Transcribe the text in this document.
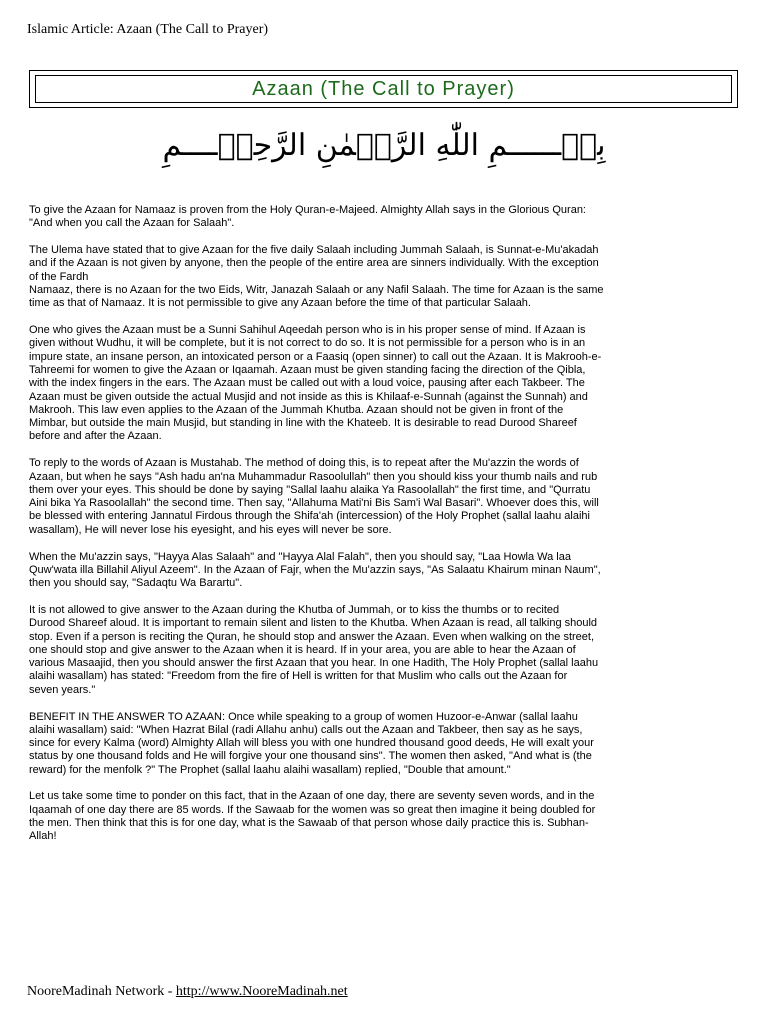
Islamic Article: Azaan (The Call to Prayer)
Azaan (The Call to Prayer)
بِسۡــــــمِ اللّٰهِ الرَّحۡمٰنِ الرَّحِيۡــــمِ

To give the Azaan for Namaaz is proven from the Holy Quran-e-Majeed. Almighty Allah says in the Glorious Quran:
"And when you call the Azaan for Salaah".

The Ulema have stated that to give Azaan for the five daily Salaah including Jummah Salaah, is Sunnat-e-Mu'akadah
and if the Azaan is not given by anyone, then the people of the entire area are sinners individually. With the exception
of the Fardh
Namaaz, there is no Azaan for the two Eids, Witr, Janazah Salaah or any Nafil Salaah. The time for Azaan is the same
time as that of Namaaz. It is not permissible to give any Azaan before the time of that particular Salaah.

One who gives the Azaan must be a Sunni Sahihul Aqeedah person who is in his proper sense of mind. If Azaan is
given without Wudhu, it will be complete, but it is not correct to do so. It is not permissible for a person who is in an
impure state, an insane person, an intoxicated person or a Faasiq (open sinner) to call out the Azaan. It is Makrooh-e-
Tahreemi for women to give the Azaan or Iqaamah. Azaan must be given standing facing the direction of the Qibla,
with the index fingers in the ears. The Azaan must be called out with a loud voice, pausing after each Takbeer. The
Azaan must be given outside the actual Musjid and not inside as this is Khilaaf-e-Sunnah (against the Sunnah) and
Makrooh. This law even applies to the Azaan of the Jummah Khutba. Azaan should not be given in front of the
Mimbar, but outside the main Musjid, but standing in line with the Khateeb. It is desirable to read Durood Shareef
before and after the Azaan.

To reply to the words of Azaan is Mustahab. The method of doing this, is to repeat after the Mu'azzin the words of
Azaan, but when he says "Ash hadu an'na Muhammadur Rasoolullah" then you should kiss your thumb nails and rub
them over your eyes. This should be done by saying "Sallal laahu alaika Ya Rasoolallah" the first time, and "Qurratu
Aini bika Ya Rasoolallah" the second time. Then say, "Allahuma Mati'ni Bis Sam'i Wal Basari". Whoever does this, will
be blessed with entering Jannatul Firdous through the Shifa'ah (intercession) of the Holy Prophet (sallal laahu alaihi
wasallam), He will never lose his eyesight, and his eyes will never be sore.

When the Mu'azzin says, "Hayya Alas Salaah" and "Hayya Alal Falah", then you should say, "Laa Howla Wa laa
Quw'wata illa Billahil Aliyul Azeem". In the Azaan of Fajr, when the Mu'azzin says, "As Salaatu Khairum minan Naum",
then you should say, "Sadaqtu Wa Barartu".

It is not allowed to give answer to the Azaan during the Khutba of Jummah, or to kiss the thumbs or to recited
Durood Shareef aloud. It is important to remain silent and listen to the Khutba. When Azaan is read, all talking should
stop. Even if a person is reciting the Quran, he should stop and answer the Azaan. Even when walking on the street,
one should stop and give answer to the Azaan when it is heard. If in your area, you are able to hear the Azaan of
various Masaajid, then you should answer the first Azaan that you hear. In one Hadith, The Holy Prophet (sallal laahu
alaihi wasallam) has stated: "Freedom from the fire of Hell is written for that Muslim who calls out the Azaan for
seven years."

BENEFIT IN THE ANSWER TO AZAAN: Once while speaking to a group of women Huzoor-e-Anwar (sallal laahu
alaihi wasallam) said: "When Hazrat Bilal (radi Allahu anhu) calls out the Azaan and Takbeer, then say as he says,
since for every Kalma (word) Almighty Allah will bless you with one hundred thousand good deeds, He will exalt your
status by one thousand folds and He will forgive your one thousand sins". The women then asked, "And what is (the
reward) for the menfolk ?" The Prophet (sallal laahu alaihi wasallam) replied, "Double that amount."

Let us take some time to ponder on this fact, that in the Azaan of one day, there are seventy seven words, and in the
Iqaamah of one day there are 85 words. If the Sawaab for the women was so great then imagine it being doubled for
the men. Then think that this is for one day, what is the Sawaab of that person whose daily practice this is. Subhan-
Allah!

NooreMadinah Network - http://www.NooreMadinah.net
